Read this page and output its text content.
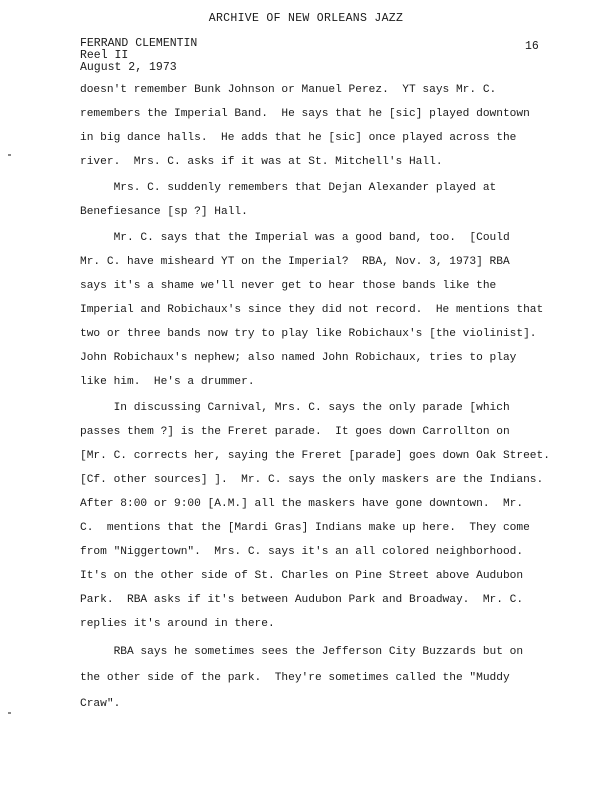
ARCHIVE OF NEW ORLEANS JAZZ
FERRAND CLEMENTIN
Reel II
August 2, 1973
16
doesn't remember Bunk Johnson or Manuel Perez.  YT says Mr. C.
remembers the Imperial Band.  He says that he [sic] played downtown
in big dance halls.  He adds that he [sic] once played across the
river.  Mrs. C. asks if it was at St. Mitchell's Hall.
Mrs. C. suddenly remembers that Dejan Alexander played at
Benefiesance [sp ?] Hall.
Mr. C. says that the Imperial was a good band, too.  [Could
Mr. C. have misheard YT on the Imperial?  RBA, Nov. 3, 1973] RBA
says it's a shame we'll never get to hear those bands like the
Imperial and Robichaux's since they did not record.  He mentions that
two or three bands now try to play like Robichaux's [the violinist].
John Robichaux's nephew; also named John Robichaux, tries to play
like him.  He's a drummer.
In discussing Carnival, Mrs. C. says the only parade [which
passes them ?] is the Freret parade.  It goes down Carrollton on
[Mr. C. corrects her, saying the Freret [parade] goes down Oak Street.
[Cf. other sources] ].  Mr. C. says the only maskers are the Indians.
After 8:00 or 9:00 [A.M.] all the maskers have gone downtown.  Mr.
C.  mentions that the [Mardi Gras] Indians make up here.  They come
from "Niggertown".  Mrs. C. says it's an all colored neighborhood.
It's on the other side of St. Charles on Pine Street above Audubon
Park.  RBA asks if it's between Audubon Park and Broadway.  Mr. C.
replies it's around in there.
RBA says he sometimes sees the Jefferson City Buzzards but on
the other side of the park.  They're sometimes called the "Muddy
Craw".
